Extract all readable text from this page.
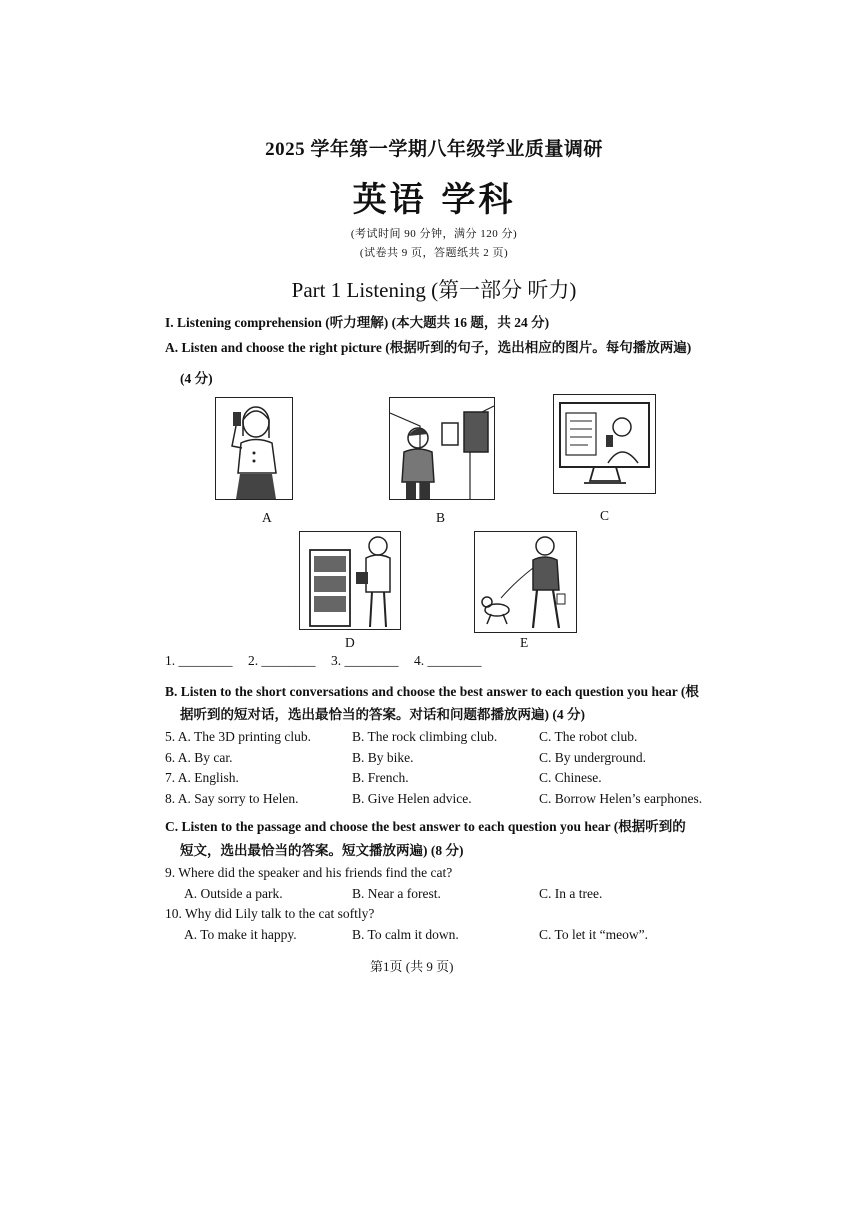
2025 学年第一学期八年级学业质量调研
英语 学科
(考试时间 90 分钟，满分 120 分)
(试卷共 9 页，答题纸共 2 页)
Part 1 Listening (第一部分 听力)
I. Listening comprehension (听力理解) (本大题共 16 题，共 24 分)
A. Listen and choose the right picture (根据听到的句子，选出相应的图片。每句播放两遍)
(4 分)
A	B	C
D	E
1. ________ 2. ________ 3. ________ 4. ________
B. Listen to the short conversations and choose the best answer to each question you hear (根
据听到的短对话，选出最恰当的答案。对话和问题都播放两遍) (4 分)
5. A. The 3D printing club.	B. The rock climbing club.	C. The robot club.
6. A. By car.	B. By bike.	C. By underground.
7. A. English.	B. French.	C. Chinese.
8. A. Say sorry to Helen.	B. Give Helen advice.	C. Borrow Helen’s earphones.
C. Listen to the passage and choose the best answer to each question you hear (根据听到的
短文，选出最恰当的答案。短文播放两遍) (8 分)
9. Where did the speaker and his friends find the cat?
A. Outside a park.	B. Near a forest.	C. In a tree.
10. Why did Lily talk to the cat softly?
A. To make it happy.	B. To calm it down.	C. To let it “meow”.
第1页 (共 9 页)
